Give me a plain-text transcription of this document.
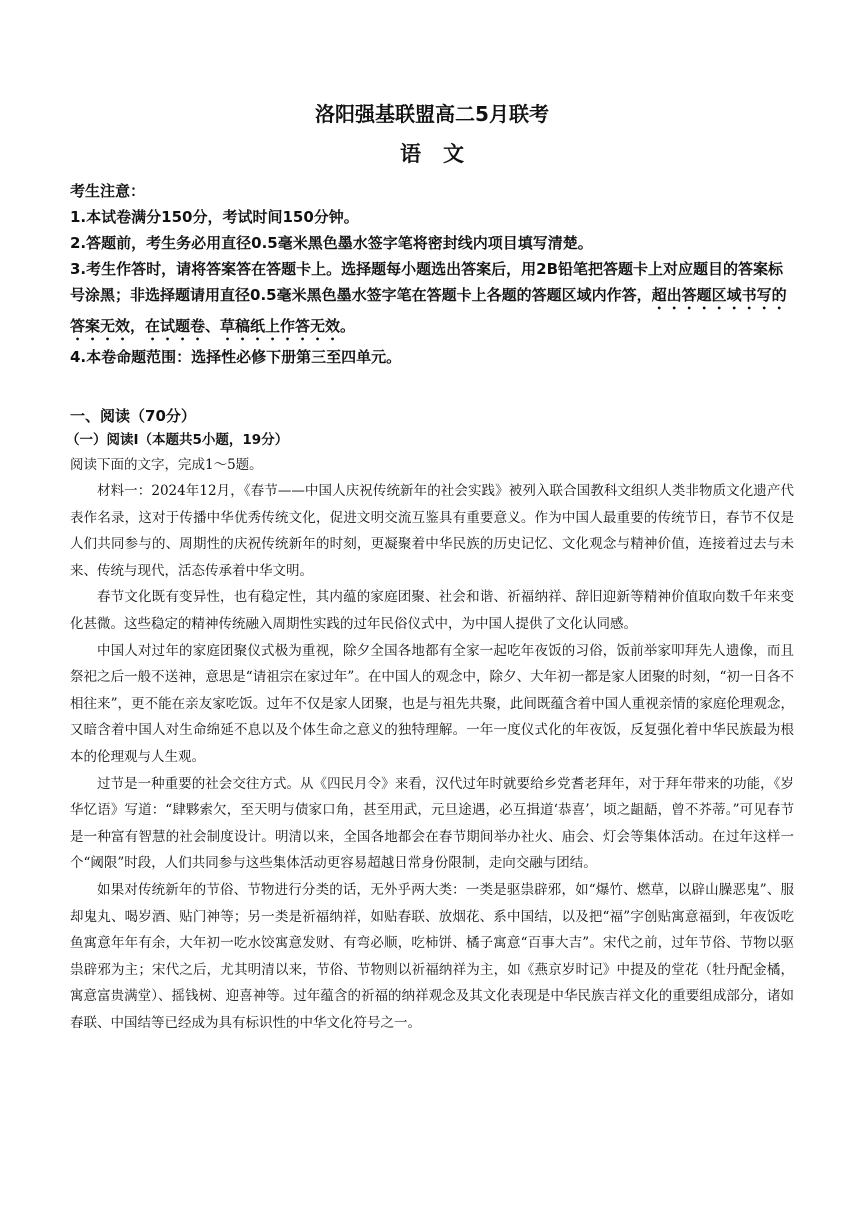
洛阳强基联盟高二5月联考
语文

考生注意：

1.本试卷满分150分，考试时间150分钟。

2.答题前，考生务必用直径0.5毫米黑色墨水签字笔将密封线内项目填写清楚。

3.考生作答时，请将答案答在答题卡上。选择题每小题选出答案后，用2B铅笔把答题卡上对应题目的答案标号涂黑；非选择题请用直径0.5毫米黑色墨水签字笔在答题卡上各题的答题区域内作答，超出答题区域书写的答案无效，在试题卷、草稿纸上作答无效。

4.本卷命题范围：选择性必修下册第三至四单元。

一、阅读（70分）

（一）阅读Ⅰ（本题共5小题，19分）

阅读下面的文字，完成1～5题。

材料一：2024年12月，《春节——中国人庆祝传统新年的社会实践》被列入联合国教科文组织人类非物质文化遗产代表作名录，这对于传播中华优秀传统文化，促进文明交流互鉴具有重要意义。作为中国人最重要的传统节日，春节不仅是人们共同参与的、周期性的庆祝传统新年的时刻，更凝聚着中华民族的历史记忆、文化观念与精神价值，连接着过去与未来、传统与现代，活态传承着中华文明。

春节文化既有变异性，也有稳定性，其内蕴的家庭团聚、社会和谐、祈福纳祥、辞旧迎新等精神价值取向数千年来变化甚微。这些稳定的精神传统融入周期性实践的过年民俗仪式中，为中国人提供了文化认同感。

中国人对过年的家庭团聚仪式极为重视，除夕全国各地都有全家一起吃年夜饭的习俗，饭前举家叩拜先人遗像，而且祭祀之后一般不送神，意思是“请祖宗在家过年”。在中国人的观念中，除夕、大年初一都是家人团聚的时刻，“初一日各不相往来”，更不能在亲友家吃饭。过年不仅是家人团聚，也是与祖先共聚，此间既蕴含着中国人重视亲情的家庭伦理观念，又暗含着中国人对生命绵延不息以及个体生命之意义的独特理解。一年一度仪式化的年夜饭，反复强化着中华民族最为根本的伦理观与人生观。

过节是一种重要的社会交往方式。从《四民月令》来看，汉代过年时就要给乡党耆老拜年，对于拜年带来的功能，《岁华忆语》写道：“肆夥索欠，至天明与债家口角，甚至用武，元旦途遇，必互揖道‘恭喜’，顷之龃龉，曾不芥蒂。”可见春节是一种富有智慧的社会制度设计。明清以来，全国各地都会在春节期间举办社火、庙会、灯会等集体活动。在过年这样一个“阈限”时段，人们共同参与这些集体活动更容易超越日常身份限制，走向交融与团结。

如果对传统新年的节俗、节物进行分类的话，无外乎两大类：一类是驱祟辟邪，如“爆竹、燃草，以辟山臊恶鬼”、服却鬼丸、喝岁酒、贴门神等；另一类是祈福纳祥，如贴春联、放烟花、系中国结，以及把“福”字创贴寓意福到，年夜饭吃鱼寓意年年有余，大年初一吃水饺寓意发财、有弯必顺，吃柿饼、橘子寓意“百事大吉”。宋代之前，过年节俗、节物以驱祟辟邪为主；宋代之后，尤其明清以来，节俗、节物则以祈福纳祥为主，如《燕京岁时记》中提及的堂花（牡丹配金橘，寓意富贵满堂）、摇钱树、迎喜神等。过年蕴含的祈福的纳祥观念及其文化表现是中华民族吉祥文化的重要组成部分，诸如春联、中国结等已经成为具有标识性的中华文化符号之一。
